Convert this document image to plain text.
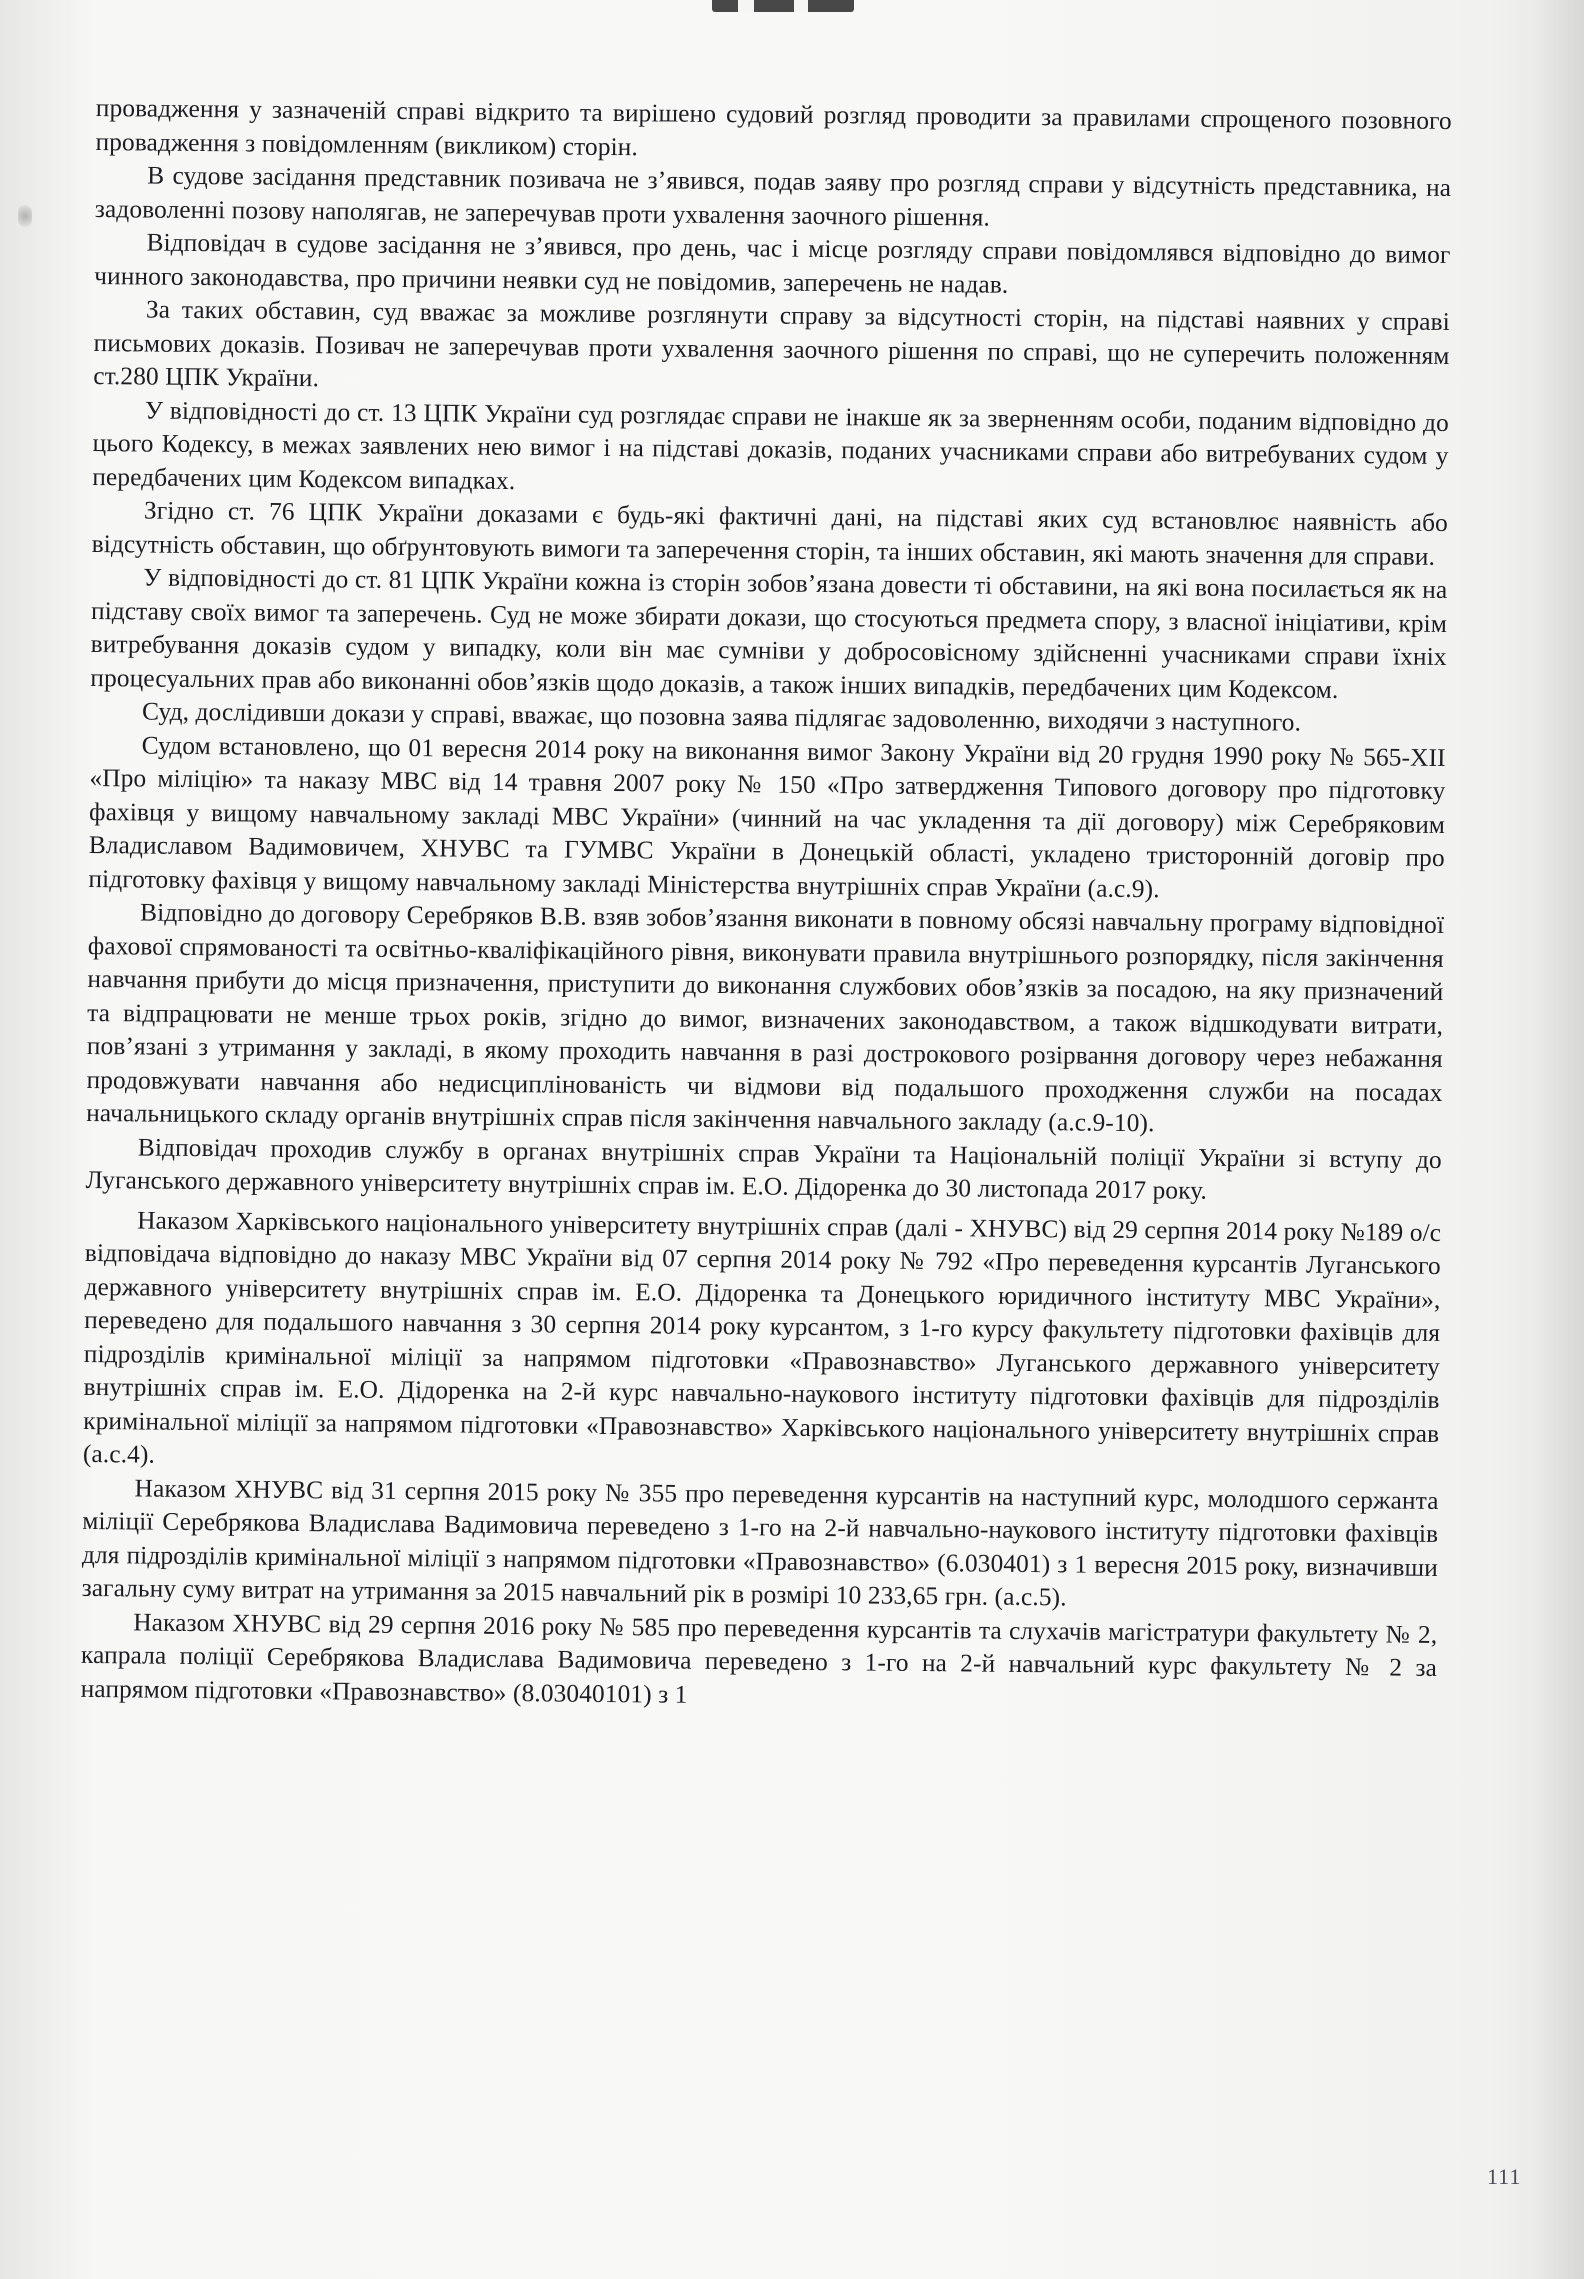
провадження у зазначеній справі відкрито та вирішено судовий розгляд проводити за правилами спрощеного позовного провадження з повідомленням (викликом) сторін.

В судове засідання представник позивача не з’явився, подав заяву про розгляд справи у відсутність представника, на задоволенні позову наполягав, не заперечував проти ухвалення заочного рішення.

Відповідач в судове засідання не з’явився, про день, час і місце розгляду справи повідомлявся відповідно до вимог чинного законодавства, про причини неявки суд не повідомив, заперечень не надав.

За таких обставин, суд вважає за можливе розглянути справу за відсутності сторін, на підставі наявних у справі письмових доказів. Позивач не заперечував проти ухвалення заочного рішення по справі, що не суперечить положенням ст.280 ЦПК України.

У відповідності до ст. 13 ЦПК України суд розглядає справи не інакше як за зверненням особи, поданим відповідно до цього Кодексу, в межах заявлених нею вимог і на підставі доказів, поданих учасниками справи або витребуваних судом у передбачених цим Кодексом випадках.

Згідно ст. 76 ЦПК України доказами є будь-які фактичні дані, на підставі яких суд встановлює наявність або відсутність обставин, що обґрунтовують вимоги та заперечення сторін, та інших обставин, які мають значення для справи.

У відповідності до ст. 81 ЦПК України кожна із сторін зобов’язана довести ті обставини, на які вона посилається як на підставу своїх вимог та заперечень. Суд не може збирати докази, що стосуються предмета спору, з власної ініціативи, крім витребування доказів судом у випадку, коли він має сумніви у добросовісному здійсненні учасниками справи їхніх процесуальних прав або виконанні обов’язків щодо доказів, а також інших випадків, передбачених цим Кодексом.

Суд, дослідивши докази у справі, вважає, що позовна заява підлягає задоволенню, виходячи з наступного.

Судом встановлено, що 01 вересня 2014 року на виконання вимог Закону України від 20 грудня 1990 року № 565-XII «Про міліцію» та наказу МВС від 14 травня 2007 року № 150 «Про затвердження Типового договору про підготовку фахівця у вищому навчальному закладі МВС України» (чинний на час укладення та дії договору) між Серебряковим Владиславом Вадимовичем, ХНУВС та ГУМВС України в Донецькій області, укладено тристоронній договір про підготовку фахівця у вищому навчальному закладі Міністерства внутрішніх справ України (а.с.9).

Відповідно до договору Серебряков В.В. взяв зобов’язання виконати в повному обсязі навчальну програму відповідної фахової спрямованості та освітньо-кваліфікаційного рівня, виконувати правила внутрішнього розпорядку, після закінчення навчання прибути до місця призначення, приступити до виконання службових обов’язків за посадою, на яку призначений та відпрацювати не менше трьох років, згідно до вимог, визначених законодавством, а також відшкодувати витрати, пов’язані з утримання у закладі, в якому проходить навчання в разі дострокового розірвання договору через небажання продовжувати навчання або недисциплінованість чи відмови від подальшого проходження служби на посадах начальницького складу органів внутрішніх справ після закінчення навчального закладу (а.с.9-10).

Відповідач проходив службу в органах внутрішніх справ України та Національній поліції України зі вступу до Луганського державного університету внутрішніх справ ім. Е.О. Дідоренка до 30 листопада 2017 року.

Наказом Харківського національного університету внутрішніх справ (далі - ХНУВС) від 29 серпня 2014 року №189 о/с відповідача відповідно до наказу МВС України від 07 серпня 2014 року № 792 «Про переведення курсантів Луганського державного університету внутрішніх справ ім. Е.О. Дідоренка та Донецького юридичного інституту МВС України», переведено для подальшого навчання з 30 серпня 2014 року курсантом, з 1-го курсу факультету підготовки фахівців для підрозділів кримінальної міліції за напрямом підготовки «Правознавство» Луганського державного університету внутрішніх справ ім. Е.О. Дідоренка на 2-й курс навчально-наукового інституту підготовки фахівців для підрозділів кримінальної міліції за напрямом підготовки «Правознавство» Харківського національного університету внутрішніх справ (а.с.4).

Наказом ХНУВС від 31 серпня 2015 року № 355 про переведення курсантів на наступний курс, молодшого сержанта міліції Серебрякова Владислава Вадимовича переведено з 1-го на 2-й навчально-наукового інституту підготовки фахівців для підрозділів кримінальної міліції з напрямом підготовки «Правознавство» (6.030401) з 1 вересня 2015 року, визначивши загальну суму витрат на утримання за 2015 навчальний рік в розмірі 10 233,65 грн. (а.с.5).

Наказом ХНУВС від 29 серпня 2016 року № 585 про переведення курсантів та слухачів магістратури факультету № 2, капрала поліції Серебрякова Владислава Вадимовича переведено з 1-го на 2-й навчальний курс факультету № 2 за напрямом підготовки «Правознавство» (8.03040101) з 1

111
